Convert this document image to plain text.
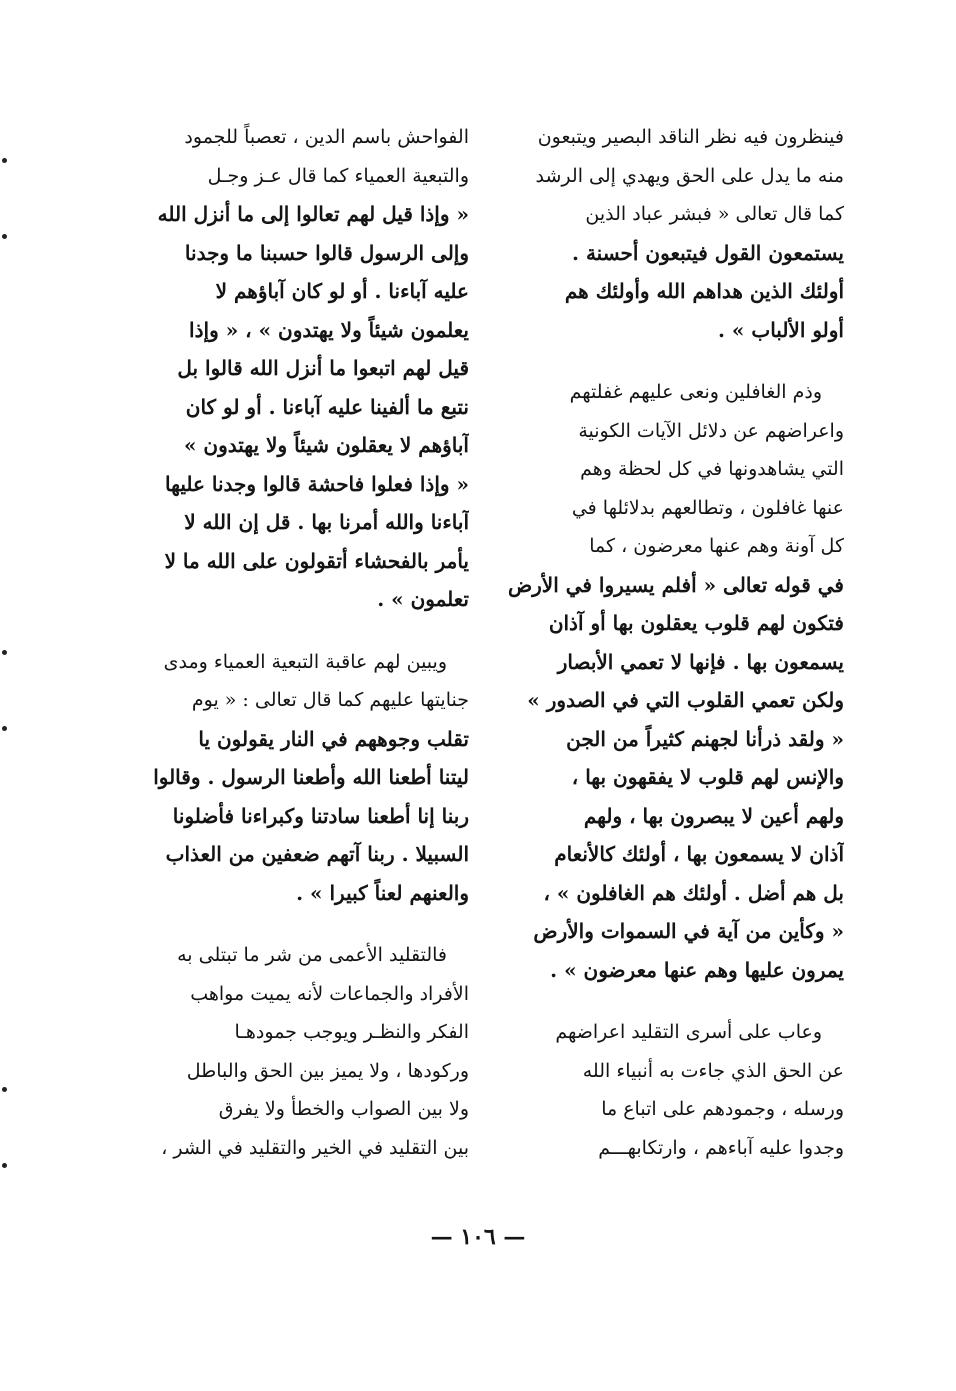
فينظرون فيه نظر الناقد البصير ويتبعون
منه ما يدل على الحق ويهدي إلى الرشد
كما قال تعالى « فبشر عباد الذين
يستمعون القول فيتبعون أحسنة .
أولئك الذين هداهم الله وأولئك هم
أولو الألباب » .
وذم الغافلين ونعى عليهم غفلتهم
واعراضهم عن دلائل الآيات الكونية
التي يشاهدونها في كل لحظة وهم
عنها غافلون ، وتطالعهم بدلائلها في
كل آونة وهم عنها معرضون ، كما
في قوله تعالى « أفلم يسيروا في الأرض
فتكون لهم قلوب يعقلون بها أو آذان
يسمعون بها . فإنها لا تعمي الأبصار
ولكن تعمي القلوب التي في الصدور »
« ولقد ذرأنا لجهنم كثيراً من الجن
والإنس لهم قلوب لا يفقهون بها ،
ولهم أعين لا يبصرون بها ، ولهم
آذان لا يسمعون بها ، أولئك كالأنعام
بل هم أضل . أولئك هم الغافلون » ،
« وكأين من آية في السموات والأرض
يمرون عليها وهم عنها معرضون » .
وعاب على أسرى التقليد اعراضهم
عن الحق الذي جاءت به أنبياء الله
ورسله ، وجمودهم على اتباع ما
وجدوا عليه آباءهم ، وارتكابهـــم
الفواحش باسم الدين ، تعصباً للجمود
والتبعية العمياء كما قال عـز وجـل
« وإذا قيل لهم تعالوا إلى ما أنزل الله
وإلى الرسول قالوا حسبنا ما وجدنا
عليه آباءنا . أو لو كان آباؤهم لا
يعلمون شيئاً ولا يهتدون » ، « وإذا
قيل لهم اتبعوا ما أنزل الله قالوا بل
نتبع ما ألفينا عليه آباءنا . أو لو كان
آباؤهم لا يعقلون شيئاً ولا يهتدون »
« وإذا فعلوا فاحشة قالوا وجدنا عليها
آباءنا والله أمرنا بها . قل إن الله لا
يأمر بالفحشاء أتقولون على الله ما لا
تعلمون » .
ويبين لهم عاقبة التبعية العمياء ومدى
جنايتها عليهم كما قال تعالى : « يوم
تقلب وجوههم في النار يقولون يا
ليتنا أطعنا الله وأطعنا الرسول . وقالوا
ربنا إنا أطعنا سادتنا وكبراءنا فأضلونا
السبيلا . ربنا آتهم ضعفين من العذاب
والعنهم لعناً كبيرا » .
فالتقليد الأعمى من شر ما تبتلى به
الأفراد والجماعات لأنه يميت مواهب
الفكر والنظـر ويوجب جمودهـا
وركودها ، ولا يميز بين الحق والباطل
ولا بين الصواب والخطأ ولا يفرق
بين التقليد في الخير والتقليد في الشر ،
— ١٠٦ —
